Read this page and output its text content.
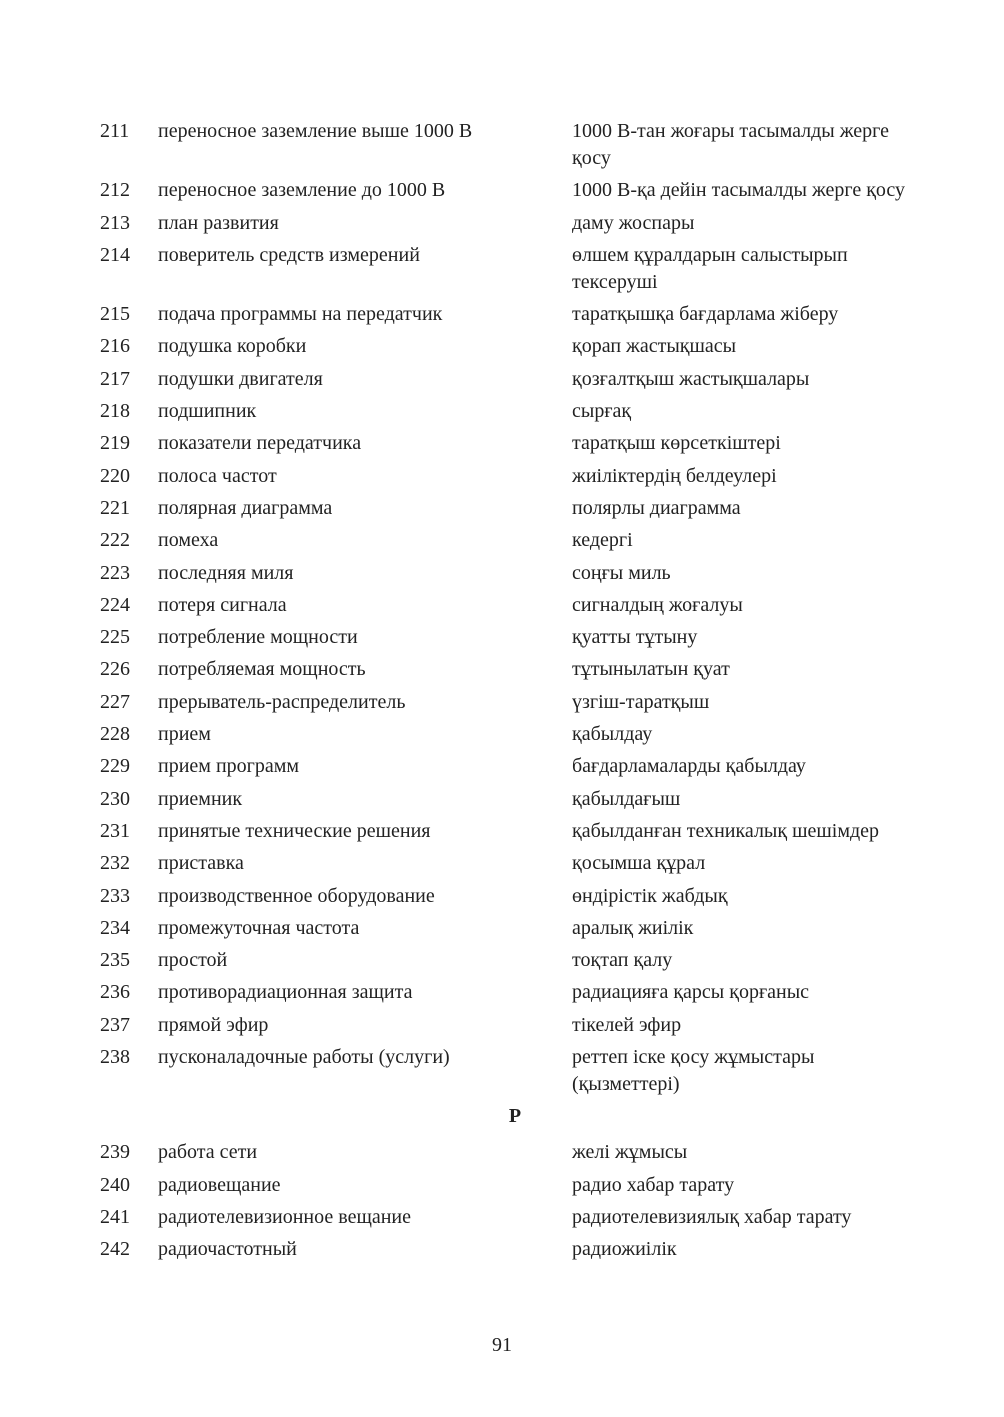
211	переносное заземление выше 1000 В	1000 В-тан жоғары тасымалды жерге қосу
212	переносное заземление до 1000 В	1000 В-қа дейін тасымалды жерге қосу
213	план развития	даму жоспары
214	поверитель средств измерений	өлшем құралдарын салыстырып тексеруші
215	подача программы на передатчик	таратқышқа бағдарлама жіберу
216	подушка коробки	қорап жастықшасы
217	подушки двигателя	қозғалтқыш жастықшалары
218	подшипник	сырғақ
219	показатели передатчика	таратқыш көрсеткіштері
220	полоса частот	жиіліктердің белдеулері
221	полярная диаграмма	полярлы диаграмма
222	помеха	кедергі
223	последняя миля	соңғы миль
224	потеря сигнала	сигналдың жоғалуы
225	потребление мощности	қуатты тұтыну
226	потребляемая мощность	тұтынылатын қуат
227	прерыватель-распределитель	үзгіш-таратқыш
228	прием	қабылдау
229	прием программ	бағдарламаларды қабылдау
230	приемник	қабылдағыш
231	принятые технические решения	қабылданған техникалық шешімдер
232	приставка	қосымша құрал
233	производственное оборудование	өндірістік жабдық
234	промежуточная частота	аралық жиілік
235	простой	тоқтап қалу
236	противорадиационная защита	радиацияға қарсы қорғаныс
237	прямой эфир	тікелей эфир
238	пусконаладочные работы (услуги)	реттеп іске қосу жұмыстары (қызметтері)
Р
239	работа сети	желі жұмысы
240	радиовещание	радио хабар тарату
241	радиотелевизионное вещание	радиотелевизиялық хабар тарату
242	радиочастотный	радиожиілік
91
